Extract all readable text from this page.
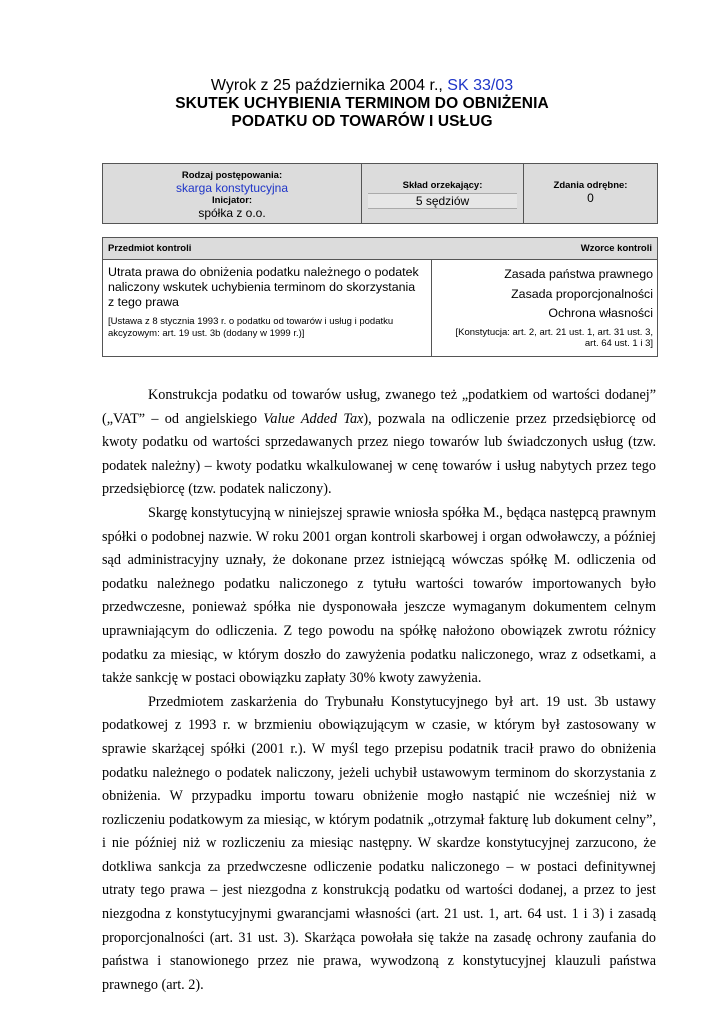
Wyrok z 25 października 2004 r., SK 33/03
SKUTEK UCHYBIENIA TERMINOM DO OBNIŻENIA
PODATKU OD TOWARÓW I USŁUG
Rodzaj postępowania:
skarga konstytucyjna
Inicjator:
spółka z o.o.
Skład orzekający:
5 sędziów
Zdania odrębne:
0
Przedmiot kontroli	Wzorce kontroli
Utrata prawa do obniżenia podatku należnego o podatek
naliczony wskutek uchybienia terminom do skorzystania
z tego prawa
[Ustawa z 8 stycznia 1993 r. o podatku od towarów i usług i podatku
akcyzowym: art. 19 ust. 3b (dodany w 1999 r.)]
Zasada państwa prawnego
Zasada proporcjonalności
Ochrona własności
[Konstytucja: art. 2, art. 21 ust. 1, art. 31 ust. 3,
art. 64 ust. 1 i 3]

Konstrukcja podatku od towarów usług, zwanego też „podatkiem od wartości dodanej” („VAT” – od angielskiego Value Added Tax), pozwala na odliczenie przez przedsiębiorcę od kwoty podatku od wartości sprzedawanych przez niego towarów lub świadczonych usług (tzw. podatek należny) – kwoty podatku wkalkulowanej w cenę towarów i usług nabytych przez tego przedsiębiorcę (tzw. podatek naliczony).

Skargę konstytucyjną w niniejszej sprawie wniosła spółka M., będąca następcą prawnym spółki o podobnej nazwie. W roku 2001 organ kontroli skarbowej i organ odwoławczy, a później sąd administracyjny uznały, że dokonane przez istniejącą wówczas spółkę M. odliczenia od podatku należnego podatku naliczonego z tytułu wartości towarów importowanych było przedwczesne, ponieważ spółka nie dysponowała jeszcze wymaganym dokumentem celnym uprawniającym do odliczenia. Z tego powodu na spółkę nałożono obowiązek zwrotu różnicy podatku za miesiąc, w którym doszło do zawyżenia podatku naliczonego, wraz z odsetkami, a także sankcję w postaci obowiązku zapłaty 30% kwoty zawyżenia.

Przedmiotem zaskarżenia do Trybunału Konstytucyjnego był art. 19 ust. 3b ustawy podatkowej z 1993 r. w brzmieniu obowiązującym w czasie, w którym był zastosowany w sprawie skarżącej spółki (2001 r.). W myśl tego przepisu podatnik tracił prawo do obniżenia podatku należnego o podatek naliczony, jeżeli uchybił ustawowym terminom do skorzystania z obniżenia. W przypadku importu towaru obniżenie mogło nastąpić nie wcześniej niż w rozliczeniu podatkowym za miesiąc, w którym podatnik „otrzymał fakturę lub dokument celny”, i nie później niż w rozliczeniu za miesiąc następny. W skardze konstytucyjnej zarzucono, że dotkliwa sankcja za przedwczesne odliczenie podatku naliczonego – w postaci definitywnej utraty tego prawa – jest niezgodna z konstrukcją podatku od wartości dodanej, a przez to jest niezgodna z konstytucyjnymi gwarancjami własności (art. 21 ust. 1, art. 64 ust. 1 i 3) i zasadą proporcjonalności (art. 31 ust. 3). Skarżąca powołała się także na zasadę ochrony zaufania do państwa i stanowionego przez nie prawa, wywodzoną z konstytucyjnej klauzuli państwa prawnego (art. 2).
